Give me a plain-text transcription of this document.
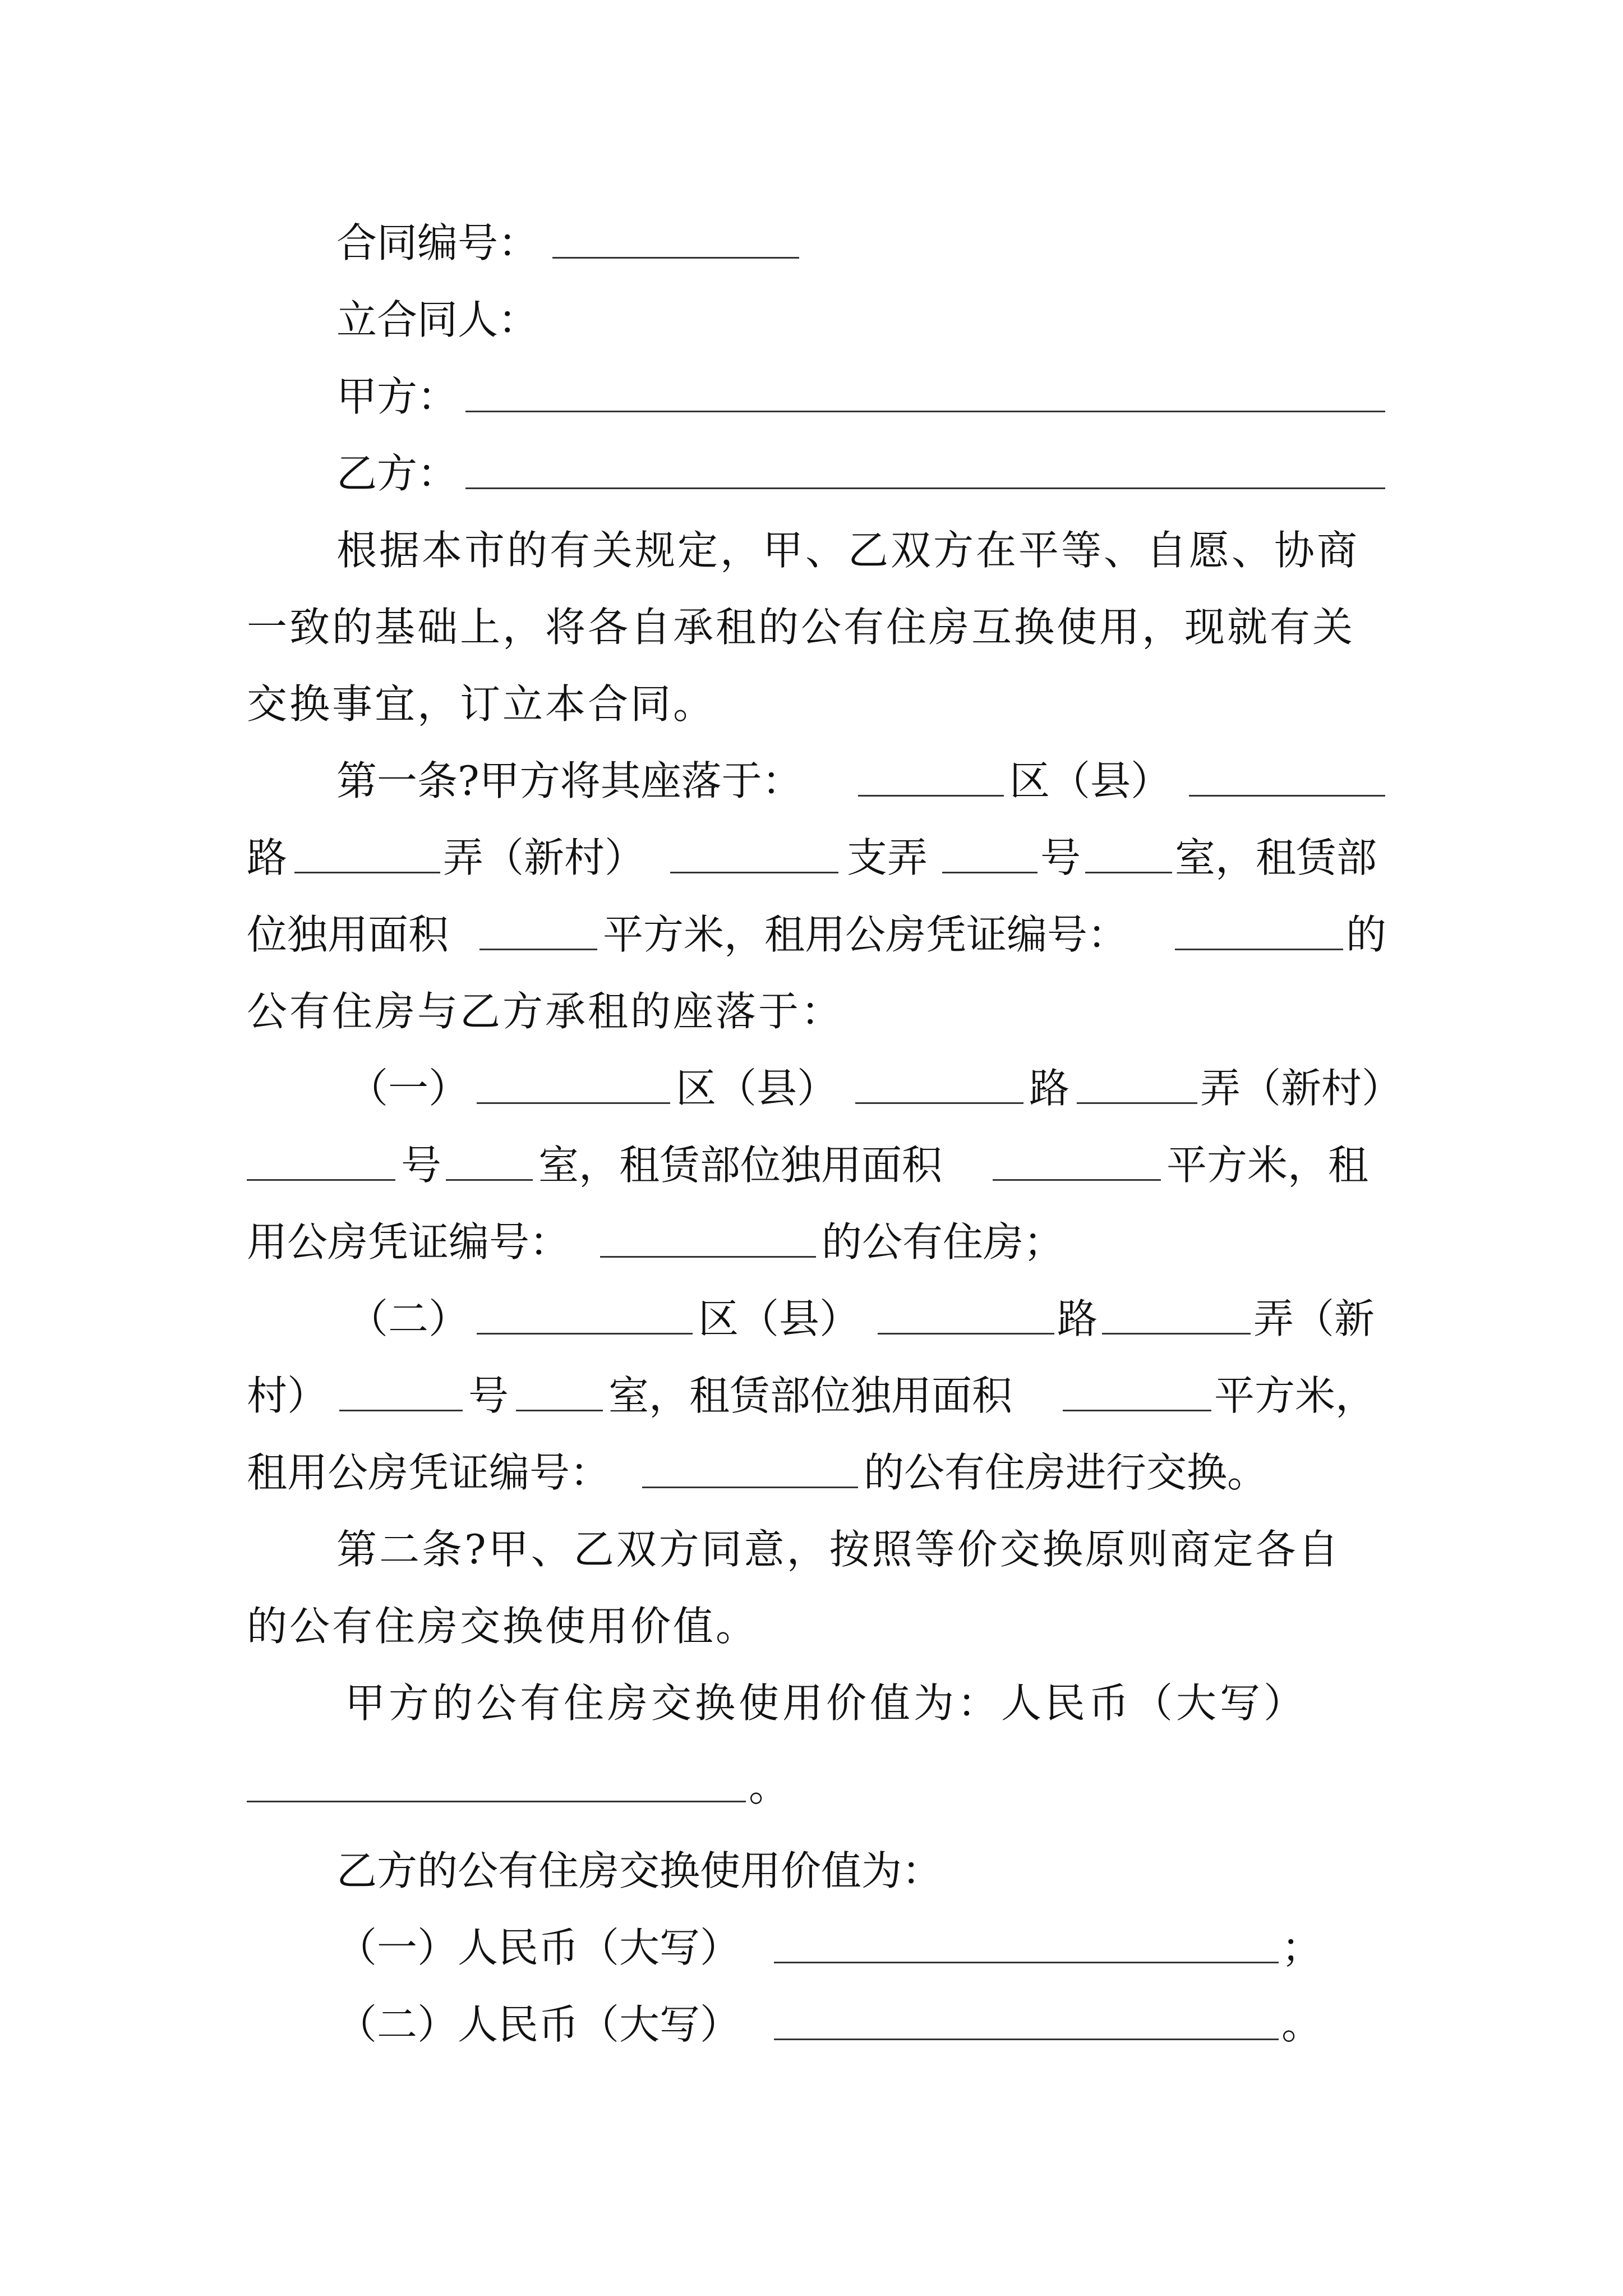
合同编号：
立合同人：
甲方：
乙方：
根据本市的有关规定，甲、乙双方在平等、自愿、协商
一致的基础上，将各自承租的公有住房互换使用，现就有关
交换事宜，订立本合同。
第一条?甲方将其座落于：	区（县）
路	弄（新村）	支弄	号 室，租赁部
位独用面积	平方米，租用公房凭证编号：	的
公有住房与乙方承租的座落于：
（一）	区（县）	路	弄（新村）
号 室，租赁部位独用面积	平方米，租
用公房凭证编号：	的公有住房；
（二）	区（县）	路	弄（新
村）	号 室，租赁部位独用面积	平方米，
租用公房凭证编号：	的公有住房进行交换。
第二条?甲、乙双方同意，按照等价交换原则商定各自
的公有住房交换使用价值。
甲方的公有住房交换使用价值为：人民币（大写）
。
乙方的公有住房交换使用价值为：
（一）人民币（大写）	；
（二）人民币（大写）	。
